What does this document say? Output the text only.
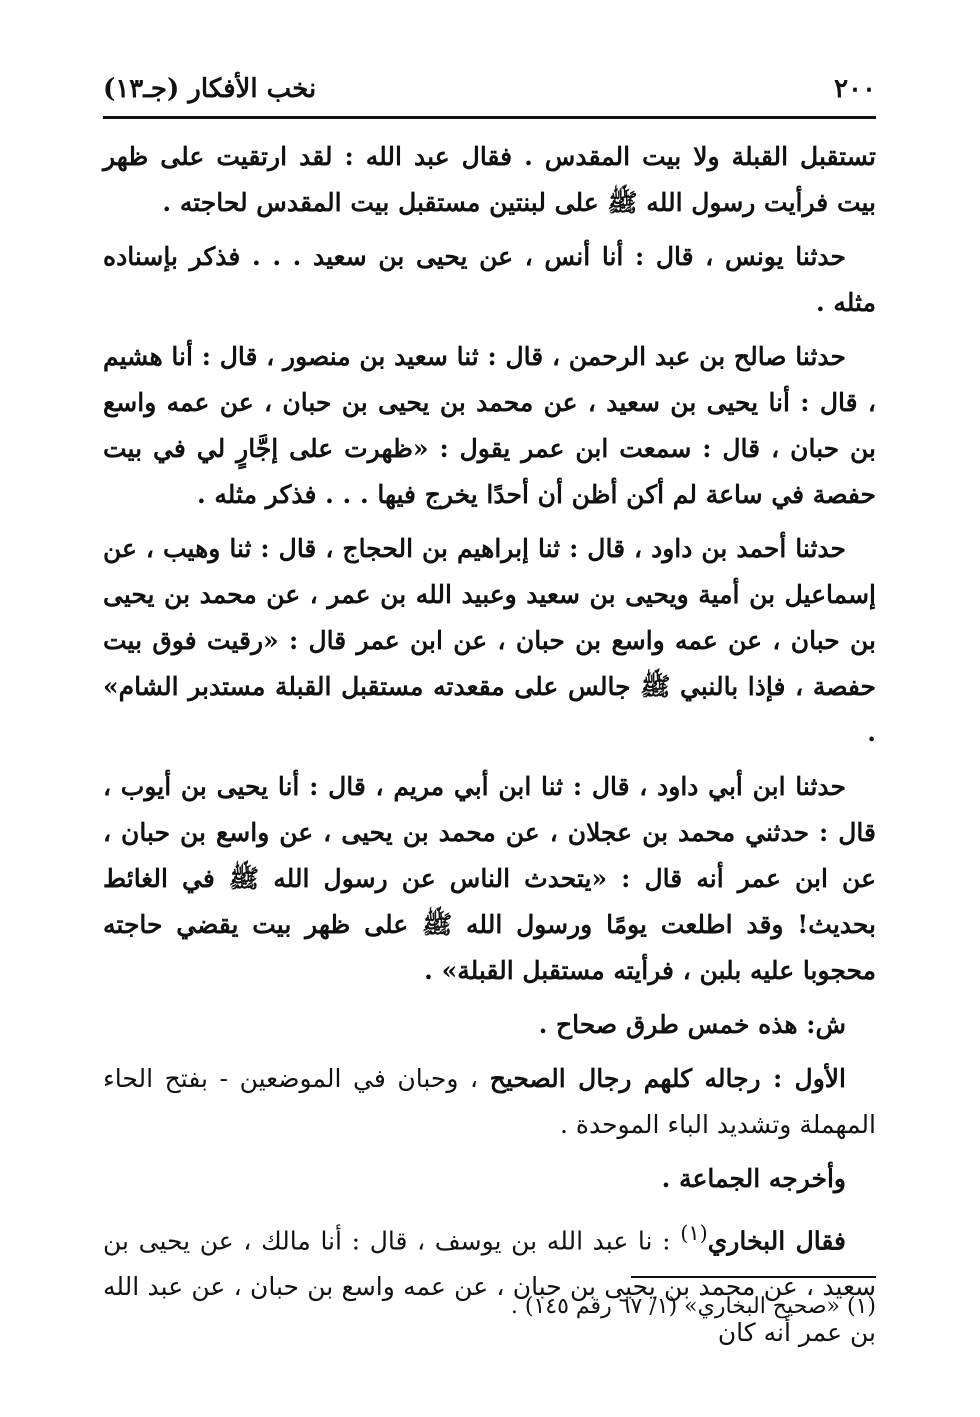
٢٠٠
نخب الأفكار (جـ١٣)

تستقبل القبلة ولا بيت المقدس . فقال عبد الله : لقد ارتقيت على ظهر بيت فرأيت رسول الله ﷺ على لبنتين مستقبل بيت المقدس لحاجته .

حدثنا يونس ، قال : أنا أنس ، عن يحيى بن سعيد . . . فذكر بإسناده مثله .

حدثنا صالح بن عبد الرحمن ، قال : ثنا سعيد بن منصور ، قال : أنا هشيم ، قال : أنا يحيى بن سعيد ، عن محمد بن يحيى بن حبان ، عن عمه واسع بن حبان ، قال : سمعت ابن عمر يقول : «ظهرت على إجَّارٍ لي في بيت حفصة في ساعة لم أكن أظن أن أحدًا يخرج فيها . . . فذكر مثله .

حدثنا أحمد بن داود ، قال : ثنا إبراهيم بن الحجاج ، قال : ثنا وهيب ، عن إسماعيل بن أمية ويحيى بن سعيد وعبيد الله بن عمر ، عن محمد بن يحيى بن حبان ، عن عمه واسع بن حبان ، عن ابن عمر قال : «رقيت فوق بيت حفصة ، فإذا بالنبي ﷺ جالس على مقعدته مستقبل القبلة مستدبر الشام» .

حدثنا ابن أبي داود ، قال : ثنا ابن أبي مريم ، قال : أنا يحيى بن أيوب ، قال : حدثني محمد بن عجلان ، عن محمد بن يحيى ، عن واسع بن حبان ، عن ابن عمر أنه قال : «يتحدث الناس عن رسول الله ﷺ في الغائط بحديث! وقد اطلعت يومًا ورسول الله ﷺ على ظهر بيت يقضي حاجته محجوبا عليه بلبن ، فرأيته مستقبل القبلة» .

ش: هذه خمس طرق صحاح .

الأول : رجاله كلهم رجال الصحيح ، وحبان في الموضعين - بفتح الحاء المهملة وتشديد الباء الموحدة .

وأخرجه الجماعة .

فقال البخاري$^{(١)}$ : نا عبد الله بن يوسف ، قال : أنا مالك ، عن يحيى بن سعيد ، عن محمد بن يحيى بن حبان ، عن عمه واسع بن حبان ، عن عبد الله بن عمر أنه كان

(١) «صحيح البخاري» (١/ ٦٧ رقم ١٤٥) .
